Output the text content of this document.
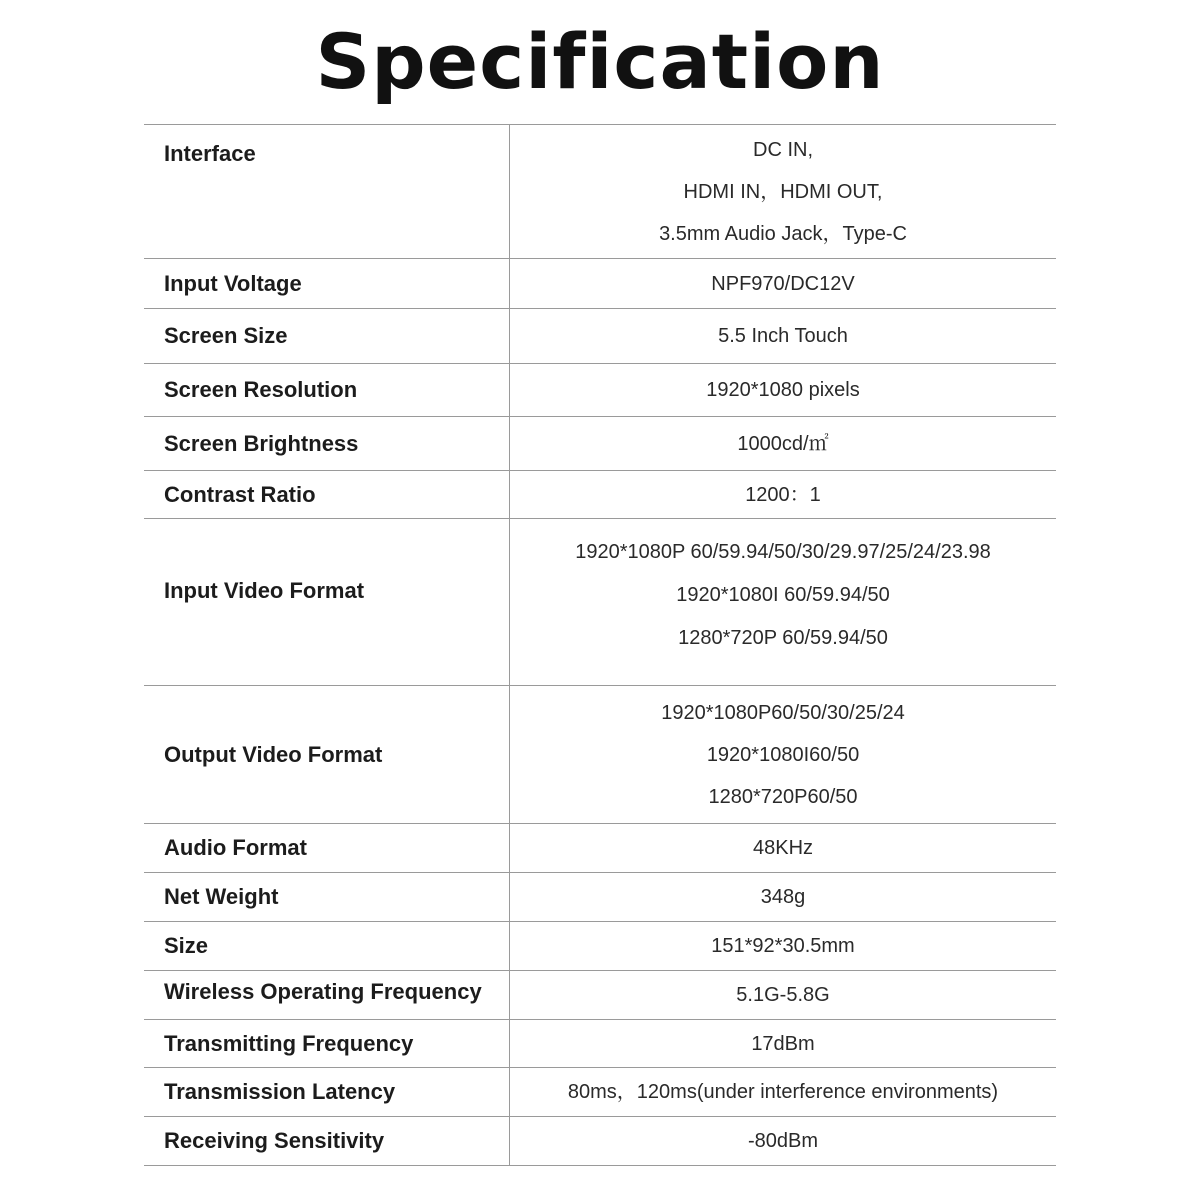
Specification
Interface	DC IN,
HDMI IN，HDMI OUT,
3.5mm Audio Jack，Type-C
Input Voltage	NPF970/DC12V
Screen Size	5.5 Inch Touch
Screen Resolution	1920*1080 pixels
Screen Brightness	1000cd/㎡
Contrast Ratio	1200：1
Input Video Format
1920*1080P 60/59.94/50/30/29.97/25/24/23.98
1920*1080I 60/59.94/50
1280*720P 60/59.94/50
Output Video Format
1920*1080P60/50/30/25/24
1920*1080I60/50
1280*720P60/50
Audio Format	48KHz
Net Weight	348g
Size	151*92*30.5mm
Wireless Operating Frequency	5.1G-5.8G
Transmitting Frequency	17dBm
Transmission Latency	80ms，120ms(under interference environments)
Receiving Sensitivity	-80dBm
